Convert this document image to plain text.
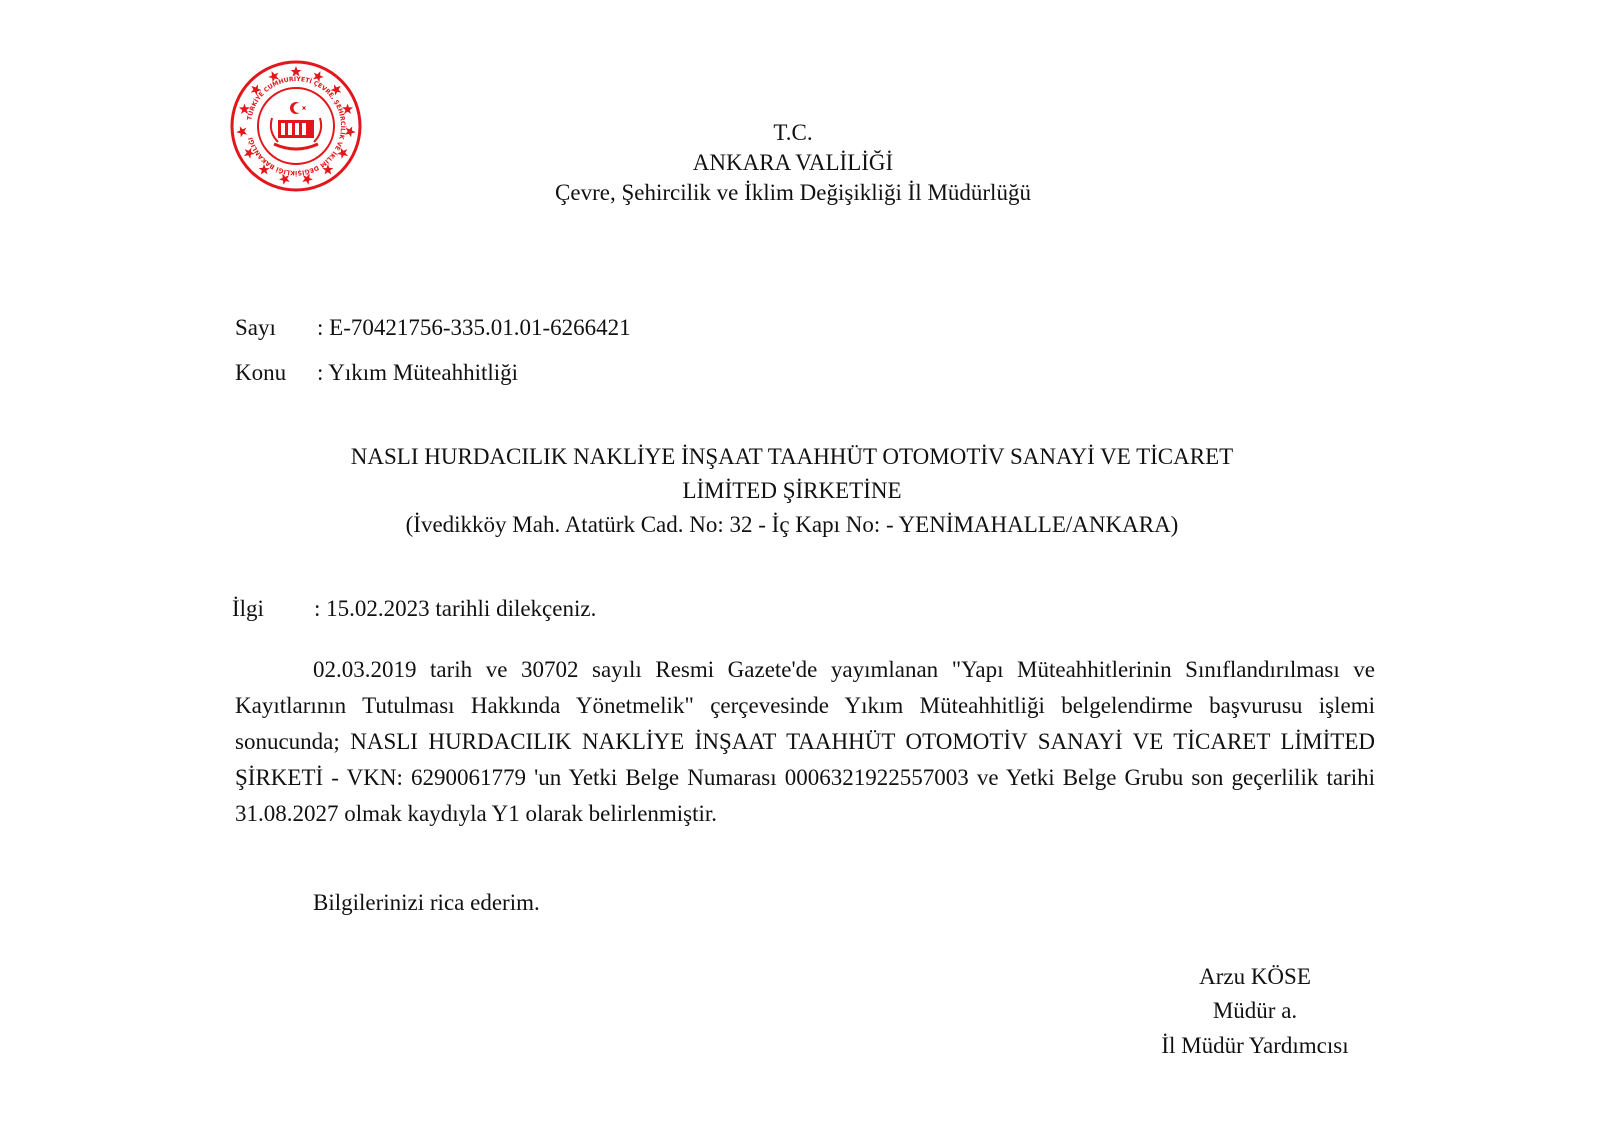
TÜRKİYE CUMHURİYETİ ÇEVRE, ŞEHİRCİLİK VE İKLİM DEĞİŞİKLİĞİ BAKANLIĞI	T.C.
ANKARA VALİLİĞİ
Çevre, Şehircilik ve İklim Değişikliği İl Müdürlüğü
Sayı : E-70421756-335.01.01-6266421
Konu : Yıkım Müteahhitliği
NASLI HURDACILIK NAKLİYE İNŞAAT TAAHHÜT OTOMOTİV SANAYİ VE TİCARET
LİMİTED ŞİRKETİNE
(İvedikköy Mah. Atatürk Cad. No: 32 - İç Kapı No: - YENİMAHALLE/ANKARA)
İlgi : 15.02.2023 tarihli dilekçeniz.
02.03.2019 tarih ve 30702 sayılı Resmi Gazete'de yayımlanan "Yapı Müteahhitlerinin Sınıflandırılması ve Kayıtlarının Tutulması Hakkında Yönetmelik" çerçevesinde Yıkım Müteahhitliği belgelendirme başvurusu işlemi sonucunda; NASLI HURDACILIK NAKLİYE İNŞAAT TAAHHÜT OTOMOTİV SANAYİ VE TİCARET LİMİTED ŞİRKETİ - VKN: 6290061779 'un Yetki Belge Numarası 0006321922557003 ve Yetki Belge Grubu son geçerlilik tarihi 31.08.2027 olmak kaydıyla Y1 olarak belirlenmiştir.
Bilgilerinizi rica ederim.
Arzu KÖSE
Müdür a.
İl Müdür Yardımcısı
